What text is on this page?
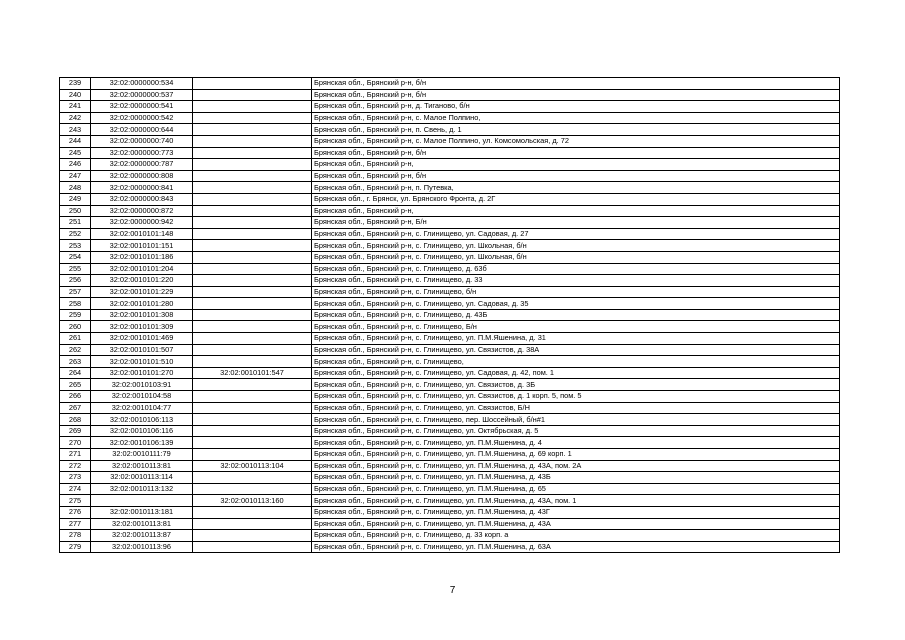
239	32:02:0000000:534		Брянская обл., Брянский р-н, б/н
240	32:02:0000000:537		Брянская обл., Брянский р-н, б/н
241	32:02:0000000:541		Брянская обл., Брянский р-н, д. Тиганово, б/н
242	32:02:0000000:542		Брянская обл., Брянский р-н, с. Малое Полпино,
243	32:02:0000000:644		Брянская обл., Брянский р-н, п. Свень, д. 1
244	32:02:0000000:740		Брянская обл., Брянский р-н, с. Малое Полпино, ул. Комсомольская, д. 72
245	32:02:0000000:773		Брянская обл., Брянский р-н, б/н
246	32:02:0000000:787		Брянская обл., Брянский р-н,
247	32:02:0000000:808		Брянская обл., Брянский р-н, б/н
248	32:02:0000000:841		Брянская обл., Брянский р-н, п. Путевка,
249	32:02:0000000:843		Брянская обл., г. Брянск, ул. Брянского Фронта, д. 2Г
250	32:02:0000000:872		Брянская обл., Брянский р-н,
251	32:02:0000000:942		Брянская обл., Брянский р-н, Б/н
252	32:02:0010101:148		Брянская обл., Брянский р-н, с. Глинищево, ул. Садовая, д. 27
253	32:02:0010101:151		Брянская обл., Брянский р-н, с. Глинищево, ул. Школьная, б/н
254	32:02:0010101:186		Брянская обл., Брянский р-н, с. Глинищево, ул. Школьная, б/н
255	32:02:0010101:204		Брянская обл., Брянский р-н, с. Глинищево, д. 63б
256	32:02:0010101:220		Брянская обл., Брянский р-н, с. Глинищево, д. 33
257	32:02:0010101:229		Брянская обл., Брянский р-н, с. Глинищево, б/н
258	32:02:0010101:280		Брянская обл., Брянский р-н, с. Глинищево, ул. Садовая, д. 35
259	32:02:0010101:308		Брянская обл., Брянский р-н, с. Глинищево, д. 43Б
260	32:02:0010101:309		Брянская обл., Брянский р-н, с. Глинищево, Б/н
261	32:02:0010101:469		Брянская обл., Брянский р-н, с. Глинищево, ул. П.М.Яшенина, д. 31
262	32:02:0010101:507		Брянская обл., Брянский р-н, с. Глинищево, ул. Связистов, д. 38А
263	32:02:0010101:510		Брянская обл., Брянский р-н, с. Глинищево,
264	32:02:0010101:270	32:02:0010101:547	Брянская обл., Брянский р-н, с. Глинищево, ул. Садовая, д. 42, пом. 1
265	32:02:0010103:91		Брянская обл., Брянский р-н, с. Глинищево, ул. Связистов, д. 3Б
266	32:02:0010104:58		Брянская обл., Брянский р-н, с. Глинищево, ул. Связистов, д. 1 корп. 5, пом. 5
267	32:02:0010104:77		Брянская обл., Брянский р-н, с. Глинищево, ул. Связистов, Б/Н
268	32:02:0010106:113		Брянская обл., Брянский р-н, с. Глинищево, пер. Шоссейный, б/н#1
269	32:02:0010106:116		Брянская обл., Брянский р-н, с. Глинищево, ул. Октябрьская, д. 5
270	32:02:0010106:139		Брянская обл., Брянский р-н, с. Глинищево, ул. П.М.Яшенина, д. 4
271	32:02:0010111:79		Брянская обл., Брянский р-н, с. Глинищево, ул. П.М.Яшенина, д. 69 корп. 1
272	32:02:0010113:81	32:02:0010113:104	Брянская обл., Брянский р-н, с. Глинищево, ул. П.М.Яшенина, д. 43А, пом. 2А
273	32:02:0010113:114		Брянская обл., Брянский р-н, с. Глинищево, ул. П.М.Яшенина, д. 43Б
274	32:02:0010113:132		Брянская обл., Брянский р-н, с. Глинищево, ул. П.М.Яшенина, д. 65
275		32:02:0010113:160	Брянская обл., Брянский р-н, с. Глинищево, ул. П.М.Яшенина, д. 43А, пом. 1
276	32:02:0010113:181		Брянская обл., Брянский р-н, с. Глинищево, ул. П.М.Яшенина, д. 43Г
277	32:02:0010113:81		Брянская обл., Брянский р-н, с. Глинищево, ул. П.М.Яшенина, д. 43А
278	32:02:0010113:87		Брянская обл., Брянский р-н, с. Глинищево, д. 33 корп. а
279	32:02:0010113:96		Брянская обл., Брянский р-н, с. Глинищево, ул. П.М.Яшенина, д. 63А
7
